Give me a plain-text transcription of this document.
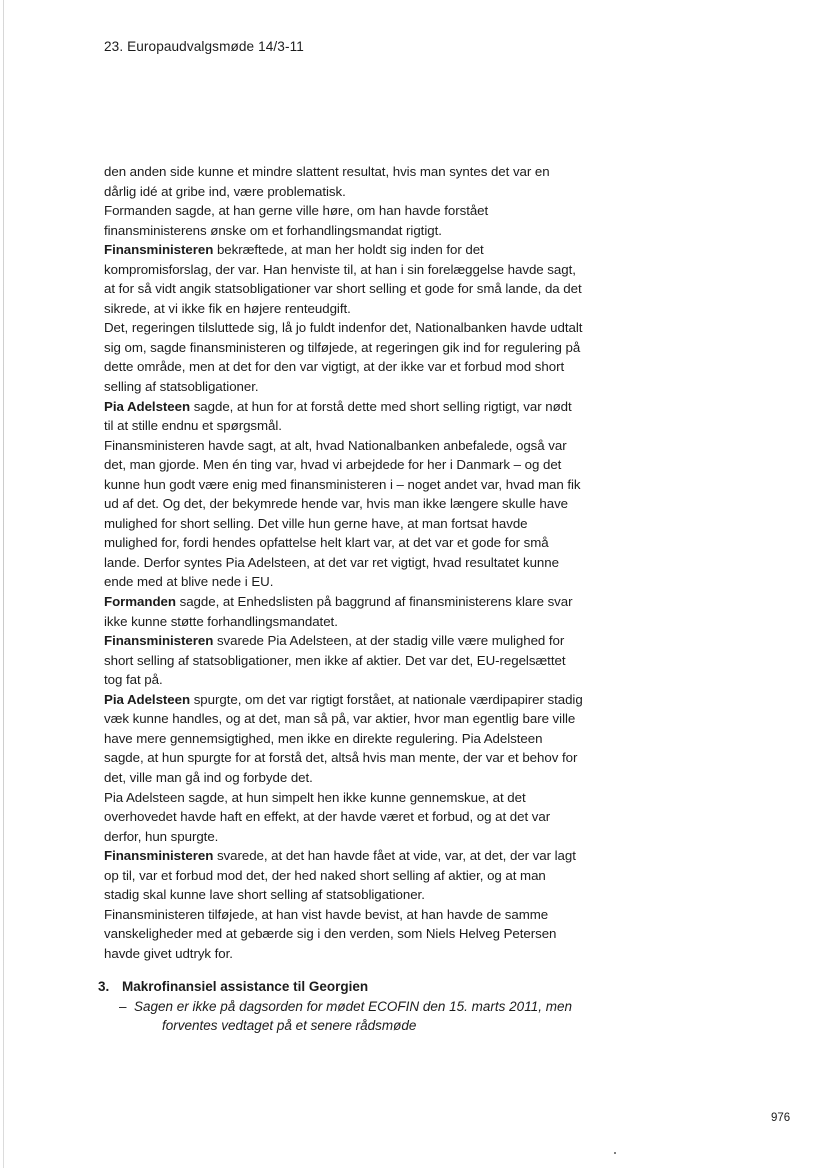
23. Europaudvalgsmøde 14/3-11

den anden side kunne et mindre slattent resultat, hvis man syntes det var en dårlig idé at gribe ind, være problematisk.

Formanden sagde, at han gerne ville høre, om han havde forstået finansministerens ønske om et forhandlingsmandat rigtigt.

Finansministeren bekræftede, at man her holdt sig inden for det kompromisforslag, der var. Han henviste til, at han i sin forelæggelse havde sagt, at for så vidt angik statsobligationer var short selling et gode for små lande, da det sikrede, at vi ikke fik en højere renteudgift.

Det, regeringen tilsluttede sig, lå jo fuldt indenfor det, Nationalbanken havde udtalt sig om, sagde finansministeren og tilføjede, at regeringen gik ind for regulering på dette område, men at det for den var vigtigt, at der ikke var et forbud mod short selling af statsobligationer.

Pia Adelsteen sagde, at hun for at forstå dette med short selling rigtigt, var nødt til at stille endnu et spørgsmål.

Finansministeren havde sagt, at alt, hvad Nationalbanken anbefalede, også var det, man gjorde. Men én ting var, hvad vi arbejdede for her i Danmark – og det kunne hun godt være enig med finansministeren i – noget andet var, hvad man fik ud af det. Og det, der bekymrede hende var, hvis man ikke længere skulle have mulighed for short selling. Det ville hun gerne have, at man fortsat havde mulighed for, fordi hendes opfattelse helt klart var, at det var et gode for små lande. Derfor syntes Pia Adelsteen, at det var ret vigtigt, hvad resultatet kunne ende med at blive nede i EU.

Formanden sagde, at Enhedslisten på baggrund af finansministerens klare svar ikke kunne støtte forhandlingsmandatet.

Finansministeren svarede Pia Adelsteen, at der stadig ville være mulighed for short selling af statsobligationer, men ikke af aktier. Det var det, EU-regelsættet tog fat på.

Pia Adelsteen spurgte, om det var rigtigt forstået, at nationale værdipapirer stadig væk kunne handles, og at det, man så på, var aktier, hvor man egentlig bare ville have mere gennemsigtighed, men ikke en direkte regulering. Pia Adelsteen sagde, at hun spurgte for at forstå det, altså hvis man mente, der var et behov for det, ville man gå ind og forbyde det.

Pia Adelsteen sagde, at hun simpelt hen ikke kunne gennemskue, at det overhovedet havde haft en effekt, at der havde været et forbud, og at det var derfor, hun spurgte.

Finansministeren svarede, at det han havde fået at vide, var, at det, der var lagt op til, var et forbud mod det, der hed naked short selling af aktier, og at man stadig skal kunne lave short selling af statsobligationer.

Finansministeren tilføjede, at han vist havde bevist, at han havde de samme vanskeligheder med at gebærde sig i den verden, som Niels Helveg Petersen havde givet udtryk for.

3. Makrofinansiel assistance til Georgien
– Sagen er ikke på dagsorden for mødet ECOFIN den 15. marts 2011, men forventes vedtaget på et senere rådsmøde
976
